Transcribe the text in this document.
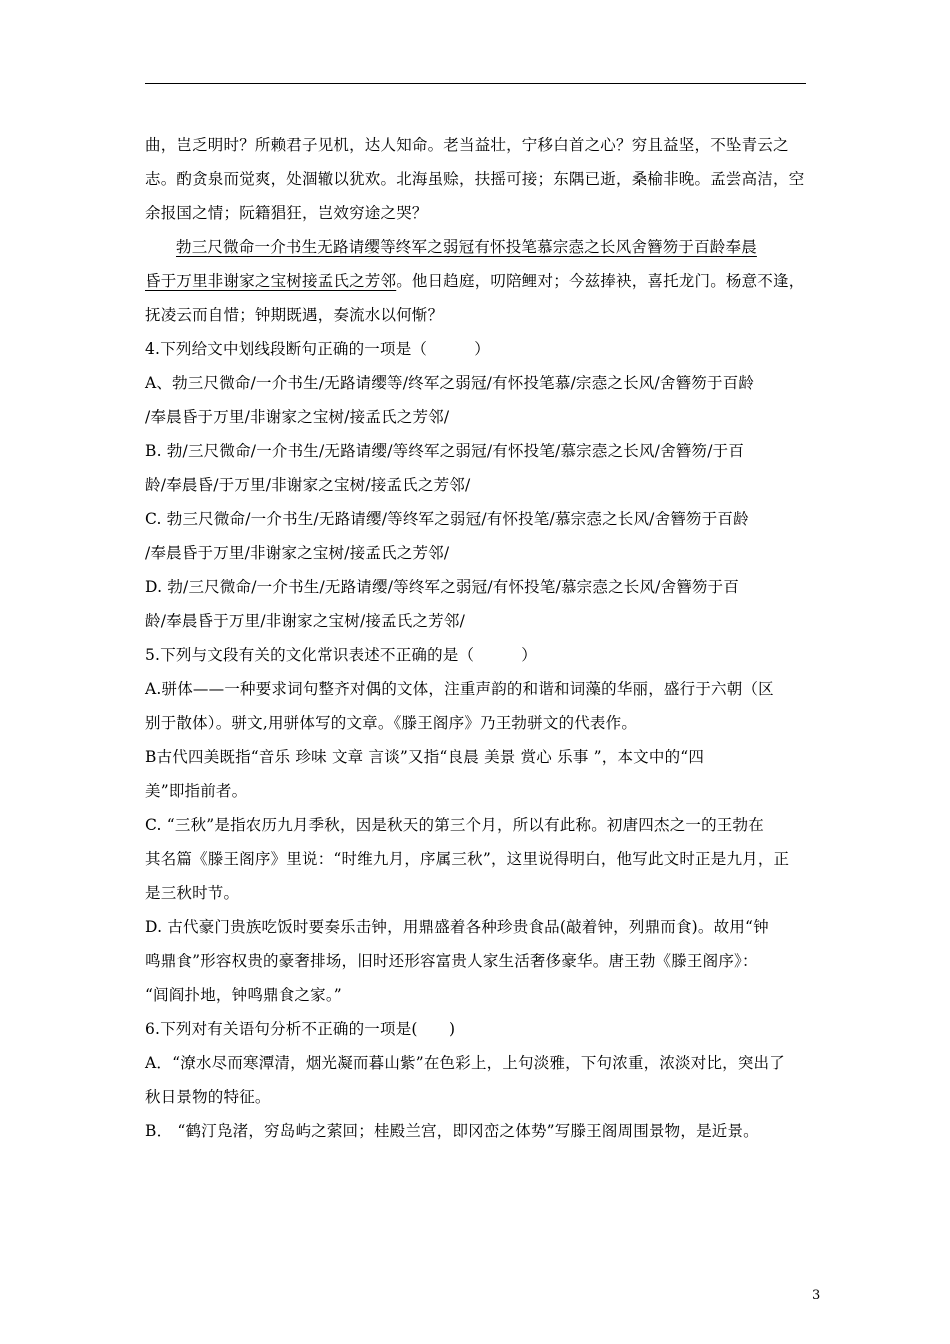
曲，岂乏明时？所赖君子见机，达人知命。老当益壮，宁移白首之心？穷且益坚，不坠青云之
志。酌贪泉而觉爽，处涸辙以犹欢。北海虽赊，扶摇可接；东隅已逝，桑榆非晚。孟尝高洁，空
余报国之情；阮籍猖狂，岂效穷途之哭？
勃三尺微命一介书生无路请缨等终军之弱冠有怀投笔慕宗悫之长风舍簪笏于百龄奉晨
昏于万里非谢家之宝树接孟氏之芳邻。他日趋庭，叨陪鲤对；今兹捧袂，喜托龙门。杨意不逢，
抚凌云而自惜；钟期既遇，奏流水以何惭？
4.下列给文中划线段断句正确的一项是（　　　）
A、勃三尺微命/一介书生/无路请缨等/终军之弱冠/有怀投笔慕/宗悫之长风/舍簪笏于百龄
/奉晨昏于万里/非谢家之宝树/接孟氏之芳邻/
B. 勃/三尺微命/一介书生/无路请缨/等终军之弱冠/有怀投笔/慕宗悫之长风/舍簪笏/于百
龄/奉晨昏/于万里/非谢家之宝树/接孟氏之芳邻/
C. 勃三尺微命/一介书生/无路请缨/等终军之弱冠/有怀投笔/慕宗悫之长风/舍簪笏于百龄
/奉晨昏于万里/非谢家之宝树/接孟氏之芳邻/
D. 勃/三尺微命/一介书生/无路请缨/等终军之弱冠/有怀投笔/慕宗悫之长风/舍簪笏于百
龄/奉晨昏于万里/非谢家之宝树/接孟氏之芳邻/
5.下列与文段有关的文化常识表述不正确的是（　　　）
A.骈体——一种要求词句整齐对偶的文体，注重声韵的和谐和词藻的华丽，盛行于六朝（区
别于散体）。骈文,用骈体写的文章。《滕王阁序》乃王勃骈文的代表作。
B古代四美既指“音乐 珍味 文章 言谈”又指“良晨 美景 赏心 乐事 ”，本文中的“四
美”即指前者。
C. “三秋”是指农历九月季秋，因是秋天的第三个月，所以有此称。初唐四杰之一的王勃在
其名篇《滕王阁序》里说：“时维九月，序属三秋”，这里说得明白，他写此文时正是九月，正
是三秋时节。
D. 古代豪门贵族吃饭时要奏乐击钟，用鼎盛着各种珍贵食品(敲着钟，列鼎而食)。故用“钟
鸣鼎食”形容权贵的豪奢排场，旧时还形容富贵人家生活奢侈豪华。唐王勃《滕王阁序》：
“闾阎扑地，钟鸣鼎食之家。”
6.下列对有关语句分析不正确的一项是(　　)
A．“潦水尽而寒潭清，烟光凝而暮山紫”在色彩上，上句淡雅，下句浓重，浓淡对比，突出了
秋日景物的特征。
B． “鹤汀凫渚，穷岛屿之萦回；桂殿兰宫，即冈峦之体势”写滕王阁周围景物，是近景。
3
